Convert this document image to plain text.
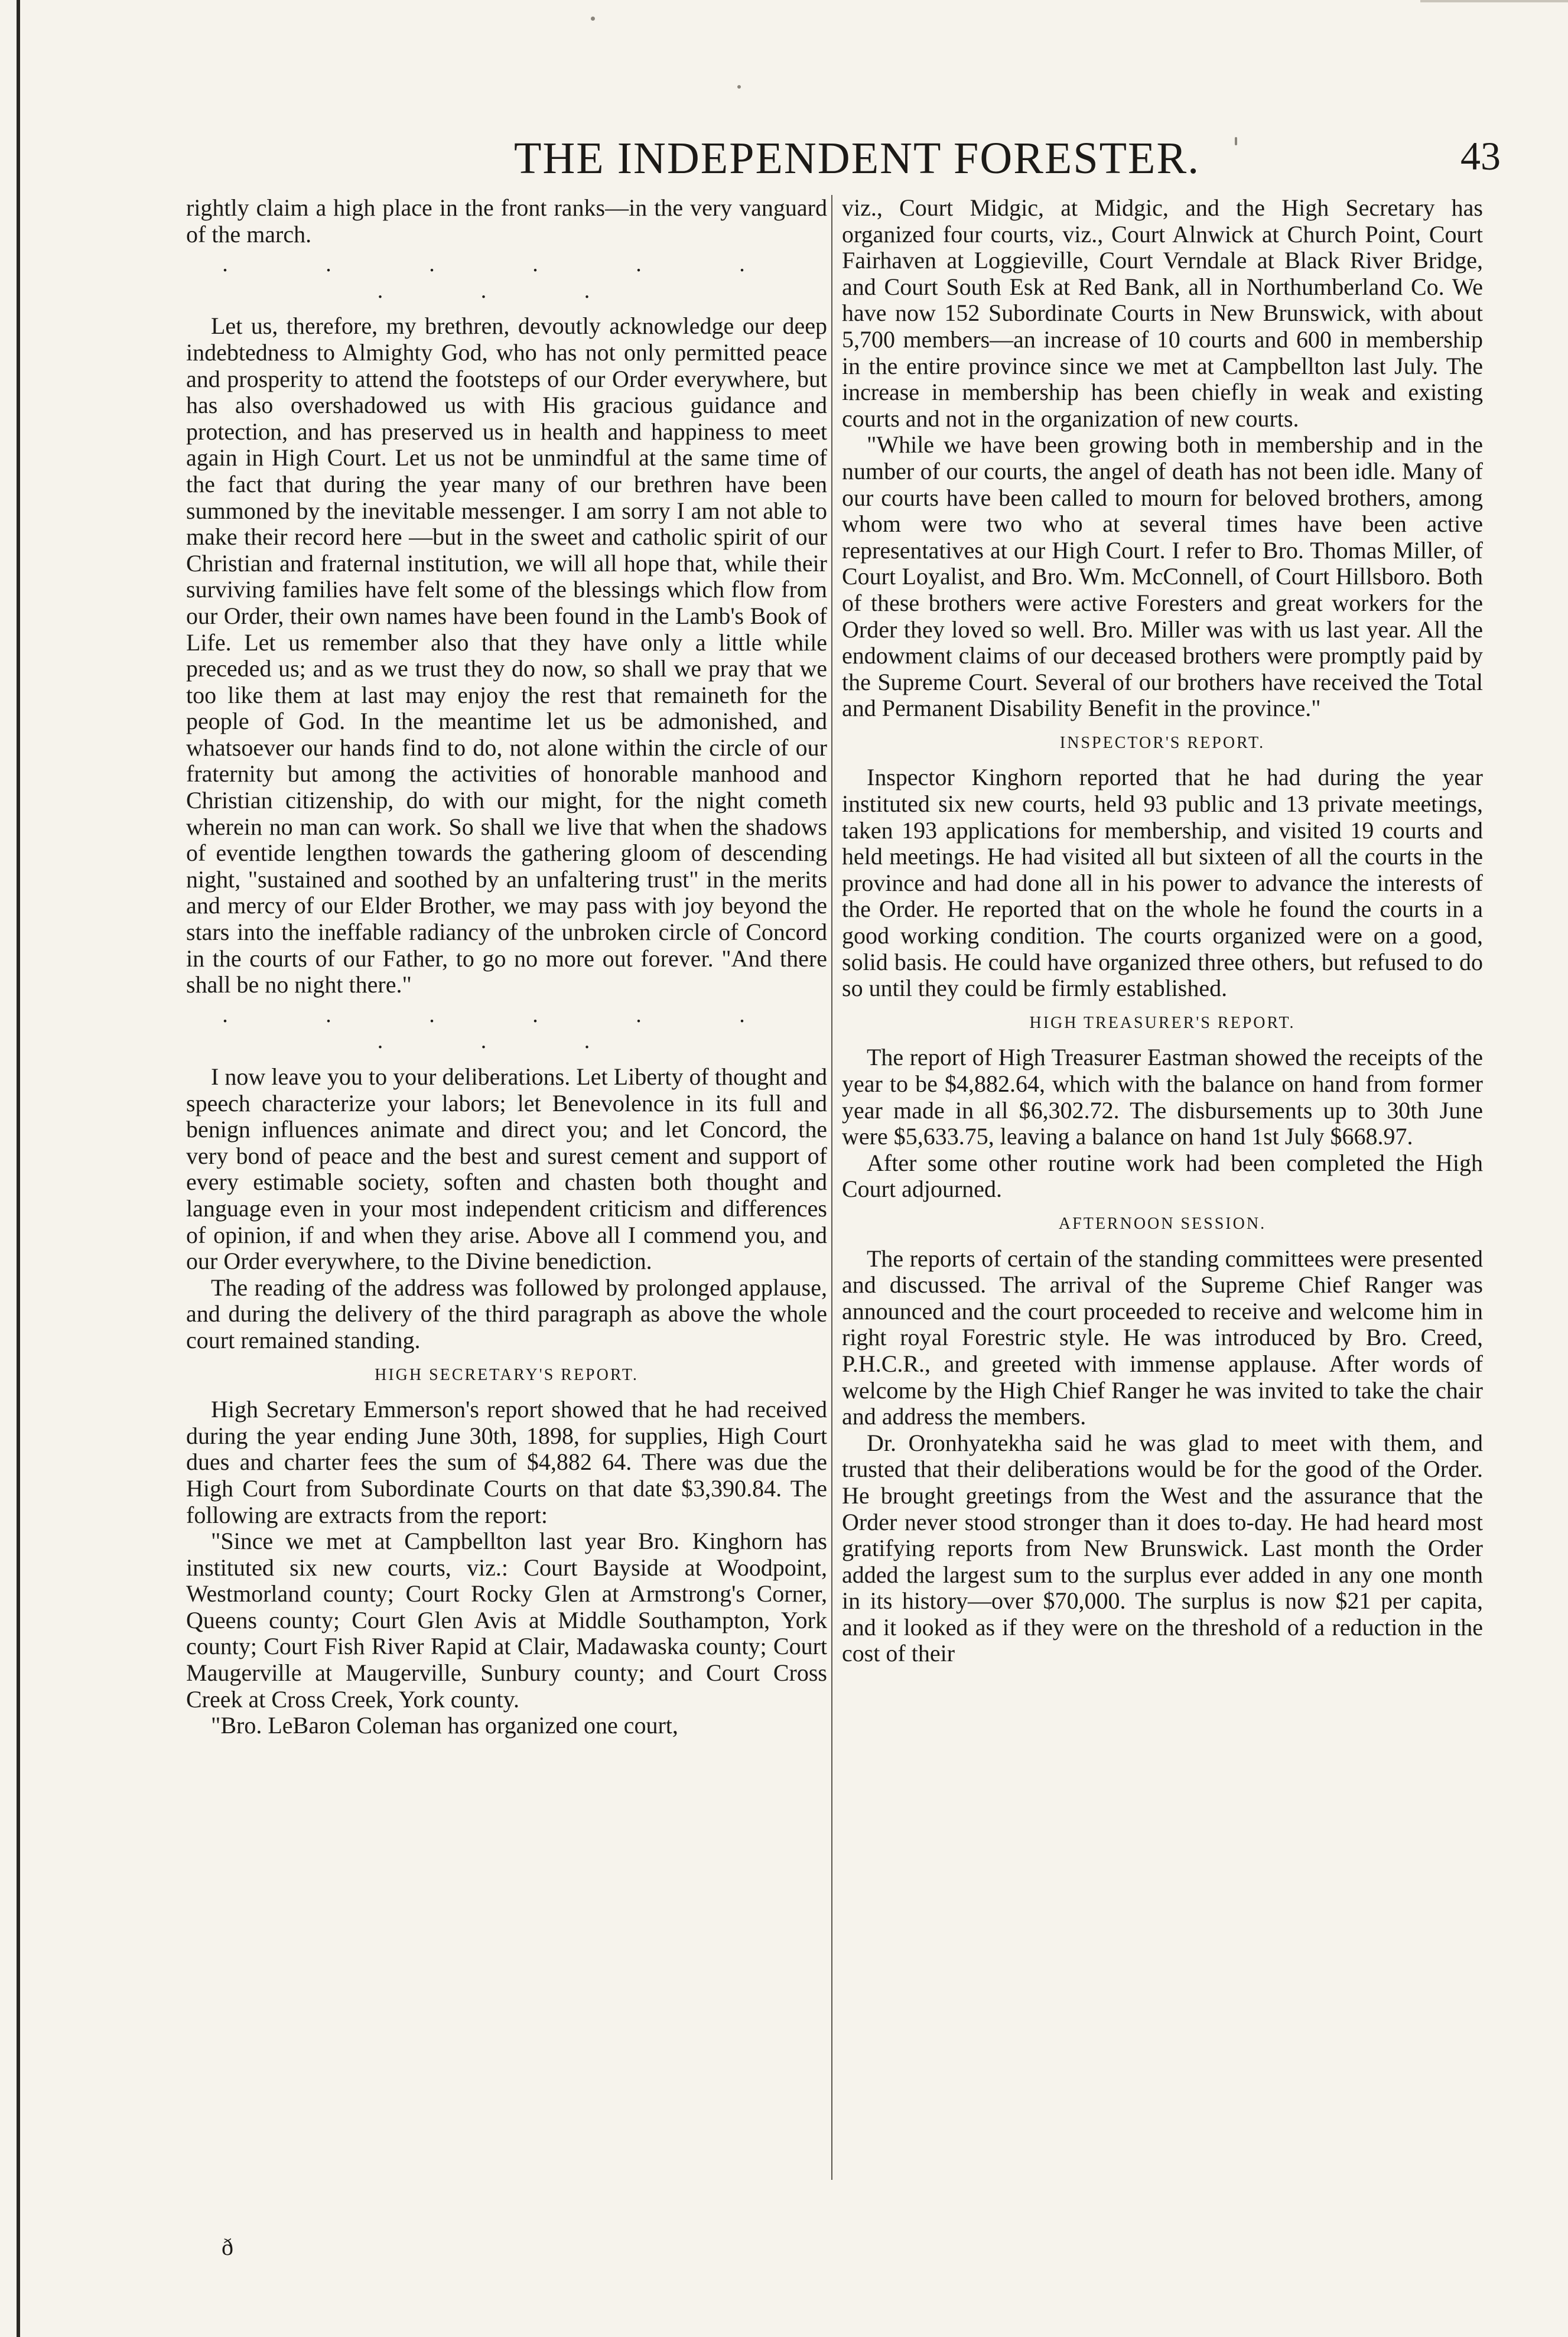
THE INDEPENDENT FORESTER.	43

rightly claim a high place in the front ranks—in the very vanguard of the march.

. . . . . . . . .

Let us, therefore, my brethren, devoutly acknowledge our deep indebtedness to Almighty God, who has not only permitted peace and prosperity to attend the footsteps of our Order everywhere, but has also overshadowed us with His gracious guidance and protection, and has preserved us in health and happiness to meet again in High Court. Let us not be unmindful at the same time of the fact that during the year many of our brethren have been summoned by the inevitable messenger. I am sorry I am not able to make their record here —but in the sweet and catholic spirit of our Christian and fraternal institution, we will all hope that, while their surviving families have felt some of the blessings which flow from our Order, their own names have been found in the Lamb's Book of Life. Let us remember also that they have only a little while preceded us; and as we trust they do now, so shall we pray that we too like them at last may enjoy the rest that remaineth for the people of God. In the meantime let us be admonished, and whatsoever our hands find to do, not alone within the circle of our fraternity but among the activities of honorable manhood and Christian citizenship, do with our might, for the night cometh wherein no man can work. So shall we live that when the shadows of eventide lengthen towards the gathering gloom of descending night, "sustained and soothed by an unfaltering trust" in the merits and mercy of our Elder Brother, we may pass with joy beyond the stars into the ineffable radiancy of the unbroken circle of Concord in the courts of our Father, to go no more out forever. "And there shall be no night there."

. . . . . . . . .

I now leave you to your deliberations. Let Liberty of thought and speech characterize your labors; let Benevolence in its full and benign influences animate and direct you; and let Concord, the very bond of peace and the best and surest cement and support of every estimable society, soften and chasten both thought and language even in your most independent criticism and differences of opinion, if and when they arise. Above all I commend you, and our Order everywhere, to the Divine benediction.

The reading of the address was followed by prolonged applause, and during the delivery of the third paragraph as above the whole court remained standing.

HIGH SECRETARY'S REPORT.

High Secretary Emmerson's report showed that he had received during the year ending June 30th, 1898, for supplies, High Court dues and charter fees the sum of $4,882 64. There was due the High Court from Subordinate Courts on that date $3,390.84. The following are extracts from the report:

"Since we met at Campbellton last year Bro. Kinghorn has instituted six new courts, viz.: Court Bayside at Woodpoint, Westmorland county; Court Rocky Glen at Armstrong's Corner, Queens county; Court Glen Avis at Middle Southampton, York county; Court Fish River Rapid at Clair, Madawaska county; Court Maugerville at Maugerville, Sunbury county; and Court Cross Creek at Cross Creek, York county.

"Bro. LeBaron Coleman has organized one court,

viz., Court Midgic, at Midgic, and the High Secretary has organized four courts, viz., Court Alnwick at Church Point, Court Fairhaven at Loggieville, Court Verndale at Black River Bridge, and Court South Esk at Red Bank, all in Northumberland Co. We have now 152 Subordinate Courts in New Brunswick, with about 5,700 members—an increase of 10 courts and 600 in membership in the entire province since we met at Campbellton last July. The increase in membership has been chiefly in weak and existing courts and not in the organization of new courts.

"While we have been growing both in membership and in the number of our courts, the angel of death has not been idle. Many of our courts have been called to mourn for beloved brothers, among whom were two who at several times have been active representatives at our High Court. I refer to Bro. Thomas Miller, of Court Loyalist, and Bro. Wm. McConnell, of Court Hillsboro. Both of these brothers were active Foresters and great workers for the Order they loved so well. Bro. Miller was with us last year. All the endowment claims of our deceased brothers were promptly paid by the Supreme Court. Several of our brothers have received the Total and Permanent Disability Benefit in the province."

INSPECTOR'S REPORT.

Inspector Kinghorn reported that he had during the year instituted six new courts, held 93 public and 13 private meetings, taken 193 applications for membership, and visited 19 courts and held meetings. He had visited all but sixteen of all the courts in the province and had done all in his power to advance the interests of the Order. He reported that on the whole he found the courts in a good working condition. The courts organized were on a good, solid basis. He could have organized three others, but refused to do so until they could be firmly established.

HIGH TREASURER'S REPORT.

The report of High Treasurer Eastman showed the receipts of the year to be $4,882.64, which with the balance on hand from former year made in all $6,302.72. The disbursements up to 30th June were $5,633.75, leaving a balance on hand 1st July $668.97.

After some other routine work had been completed the High Court adjourned.

AFTERNOON SESSION.

The reports of certain of the standing committees were presented and discussed. The arrival of the Supreme Chief Ranger was announced and the court proceeded to receive and welcome him in right royal Forestric style. He was introduced by Bro. Creed, P.H.C.R., and greeted with immense applause. After words of welcome by the High Chief Ranger he was invited to take the chair and address the members.

Dr. Oronhyatekha said he was glad to meet with them, and trusted that their deliberations would be for the good of the Order. He brought greetings from the West and the assurance that the Order never stood stronger than it does to-day. He had heard most gratifying reports from New Brunswick. Last month the Order added the largest sum to the surplus ever added in any one month in its history—over $70,000. The surplus is now $21 per capita, and it looked as if they were on the threshold of a reduction in the cost of their

ð
